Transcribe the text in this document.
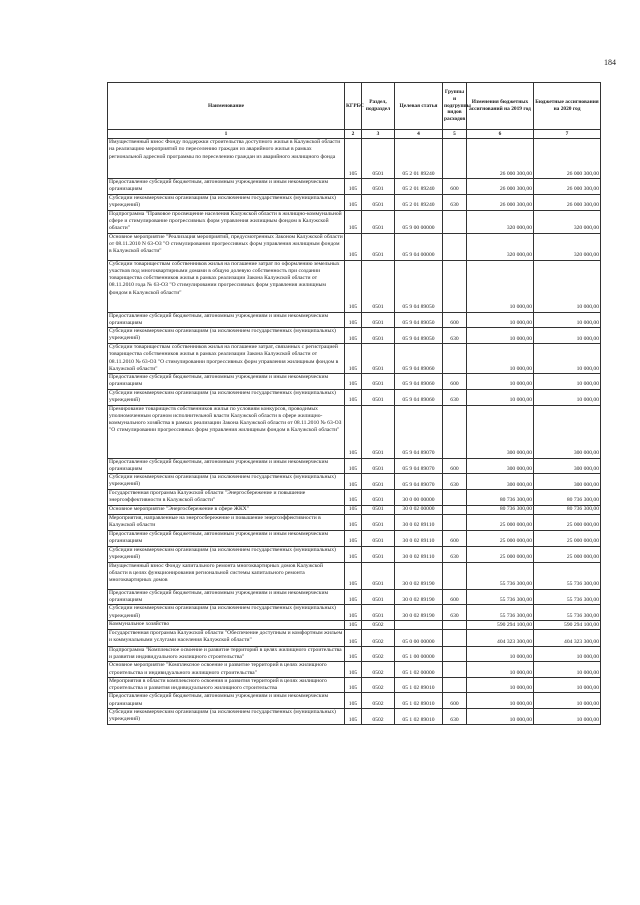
184
Наименование	КГРБС	Раздел, подраздел	Целевая статья	Группы и подгруппы видов расходов	Изменения бюджетных ассигнований на 2019 год	Бюджетные ассигнования на 2020 год
1	2	3	4	5	6	7
Имущественный взнос Фонду поддержки строительства доступного жилья в Калужской области на реализацию мероприятий по переселению граждан из аварийного жилья в рамках региональной адресной программы по переселению граждан из аварийного жилищного фонда	105	0501	05 2 01 89240		26 000 300,00	26 000 300,00
Предоставление субсидий бюджетным, автономным учреждениям и иным некоммерческим организациям	105	0501	05 2 01 89240	600	26 000 300,00	26 000 300,00
Субсидии некоммерческим организациям (за исключением государственных (муниципальных) учреждений)	105	0501	05 2 01 89240	630	26 000 300,00	26 000 300,00
Подпрограмма "Правовое просвещение населения Калужской области в жилищно-коммунальной сфере и стимулирование прогрессивных форм управления жилищным фондом в Калужской области"	105	0501	05 9 00 00000		320 000,00	320 000,00
Основное мероприятие "Реализация мероприятий, предусмотренных Законом Калужской области от 08.11.2010 N 63-ОЗ "О стимулировании прогрессивных форм управления жилищным фондом в Калужской области"	105	0501	05 9 04 00000		320 000,00	320 000,00
Субсидии товариществам собственников жилья на погашение затрат по оформлению земельных участков под многоквартирными домами в общую долевую собственность при создании товарищества собственников жилья в рамках реализации Закона Калужской области от 08.11.2010 года № 63-ОЗ "О стимулировании прогрессивных форм управления жилищным фондом в Калужской области"	105	0501	05 9 04 89050		10 000,00	10 000,00
Предоставление субсидий бюджетным, автономным учреждениям и иным некоммерческим организациям	105	0501	05 9 04 89050	600	10 000,00	10 000,00
Субсидии некоммерческим организациям (за исключением государственных (муниципальных) учреждений)	105	0501	05 9 04 89050	630	10 000,00	10 000,00
Субсидии товариществам собственников жилья на погашение затрат, связанных с регистрацией товарищества собственников жилья в рамках реализации Закона Калужской области от 08.11.2010 № 63-ОЗ "О стимулировании прогрессивных форм управления жилищным фондом в Калужской области"	105	0501	05 9 04 89060		10 000,00	10 000,00
Предоставление субсидий бюджетным, автономным учреждениям и иным некоммерческим организациям	105	0501	05 9 04 89060	600	10 000,00	10 000,00
Субсидии некоммерческим организациям (за исключением государственных (муниципальных) учреждений)	105	0501	05 9 04 89060	630	10 000,00	10 000,00
Премирование товариществ собственников жилья по условиям конкурсов, проводимых уполномоченным органом исполнительной власти Калужской области в сфере жилищно-коммунального хозяйства в рамках реализации Закона Калужской области от 08.11.2010 № 63-ОЗ "О стимулировании прогрессивных форм управления жилищным фондом в Калужской области"	105	0501	05 9 04 89070		300 000,00	300 000,00
Предоставление субсидий бюджетным, автономным учреждениям и иным некоммерческим организациям	105	0501	05 9 04 89070	600	300 000,00	300 000,00
Субсидии некоммерческим организациям (за исключением государственных (муниципальных) учреждений)	105	0501	05 9 04 89070	630	300 000,00	300 000,00
Государственная программа Калужской области "Энергосбережение и повышение энергоэффективности в Калужской области"	105	0501	30 0 00 00000		80 736 300,00	80 736 300,00
Основное мероприятие "Энергосбережение в сфере ЖКХ"	105	0501	30 0 02 00000		80 736 300,00	80 736 300,00
Мероприятия, направленные на энергосбережение и повышение энергоэффективности в Калужской области	105	0501	30 0 02 89110		25 000 000,00	25 000 000,00
Предоставление субсидий бюджетным, автономным учреждениям и иным некоммерческим организациям	105	0501	30 0 02 89110	600	25 000 000,00	25 000 000,00
Субсидии некоммерческим организациям (за исключением государственных (муниципальных) учреждений)	105	0501	30 0 02 89110	630	25 000 000,00	25 000 000,00
Имущественный взнос Фонду капитального ремонта многоквартирных домов Калужской области в целях функционирования региональной системы капитального ремонта многоквартирных домов	105	0501	30 0 02 89190		55 736 300,00	55 736 300,00
Предоставление субсидий бюджетным, автономным учреждениям и иным некоммерческим организациям	105	0501	30 0 02 89190	600	55 736 300,00	55 736 300,00
Субсидии некоммерческим организациям (за исключением государственных (муниципальных) учреждений)	105	0501	30 0 02 89190	630	55 736 300,00	55 736 300,00
Коммунальное хозяйство	105	0502			590 294 100,00	590 294 100,00
Государственная программа Калужской области "Обеспечение доступным и комфортным жильем и коммунальными услугами населения Калужской области"	105	0502	05 0 00 00000		404 323 300,00	404 323 300,00
Подпрограмма "Комплексное освоение и развитие территорий в целях жилищного строительства и развития индивидуального жилищного строительства"	105	0502	05 1 00 00000		10 000,00	10 000,00
Основное мероприятие "Комплексное освоение и развитие территорий в целях жилищного строительства и индивидуального жилищного строительства"	105	0502	05 1 02 00000		10 000,00	10 000,00
Мероприятия в области комплексного освоения и развития территорий в целях жилищного строительства и развития индивидуального жилищного строительства	105	0502	05 1 02 89010		10 000,00	10 000,00
Предоставление субсидий бюджетным, автономным учреждениям и иным некоммерческим организациям	105	0502	05 1 02 89010	600	10 000,00	10 000,00
Субсидии некоммерческим организациям (за исключением государственных (муниципальных) учреждений)	105	0502	05 1 02 89010	630	10 000,00	10 000,00
